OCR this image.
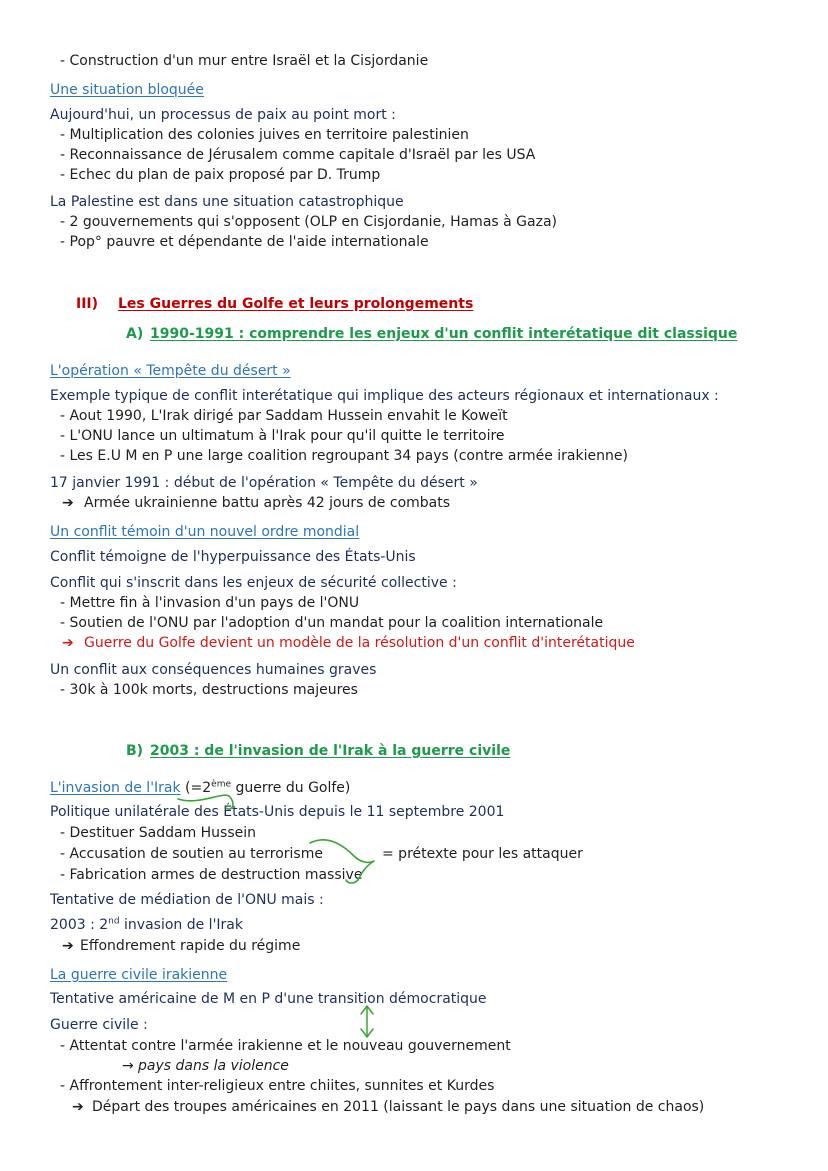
- Construction d'un mur entre Israël et la Cisjordanie
Une situation bloquée
Aujourd'hui, un processus de paix au point mort :
- Multiplication des colonies juives en territoire palestinien
- Reconnaissance de Jérusalem comme capitale d'Israël par les USA
- Echec du plan de paix proposé par D. Trump
La Palestine est dans une situation catastrophique
- 2 gouvernements qui s'opposent (OLP en Cisjordanie, Hamas à Gaza)
- Pop° pauvre et dépendante de l'aide internationale
III) Les Guerres du Golfe et leurs prolongements
A) 1990-1991 : comprendre les enjeux d'un conflit interétatique dit classique
L'opération « Tempête du désert »
Exemple typique de conflit interétatique qui implique des acteurs régionaux et internationaux :
- Aout 1990, L'Irak dirigé par Saddam Hussein envahit le Koweït
- L'ONU lance un ultimatum à l'Irak pour qu'il quitte le territoire
- Les E.U M en P une large coalition regroupant 34 pays (contre armée irakienne)
17 janvier 1991 : début de l'opération « Tempête du désert »
➔ Armée ukrainienne battu après 42 jours de combats
Un conflit témoin d'un nouvel ordre mondial
Conflit témoigne de l'hyperpuissance des États-Unis
Conflit qui s'inscrit dans les enjeux de sécurité collective :
- Mettre fin à l'invasion d'un pays de l'ONU
- Soutien de l'ONU par l'adoption d'un mandat pour la coalition internationale
➔ Guerre du Golfe devient un modèle de la résolution d'un conflit d'interétatique
Un conflit aux conséquences humaines graves
- 30k à 100k morts, destructions majeures
B) 2003 : de l'invasion de l'Irak à la guerre civile
L'invasion de l'Irak (=2ème guerre du Golfe)
Politique unilatérale des États-Unis depuis le 11 septembre 2001
- Destituer Saddam Hussein
- Accusation de soutien au terrorisme	= prétexte pour les attaquer
- Fabrication armes de destruction massive
Tentative de médiation de l'ONU mais :
2003 : 2nd invasion de l'Irak
➔ Effondrement rapide du régime
La guerre civile irakienne
Tentative américaine de M en P d'une transition démocratique
Guerre civile :
- Attentat contre l'armée irakienne et le nouveau gouvernement
→ pays dans la violence
- Affrontement inter-religieux entre chiites, sunnites et Kurdes
➔ Départ des troupes américaines en 2011 (laissant le pays dans une situation de chaos)
